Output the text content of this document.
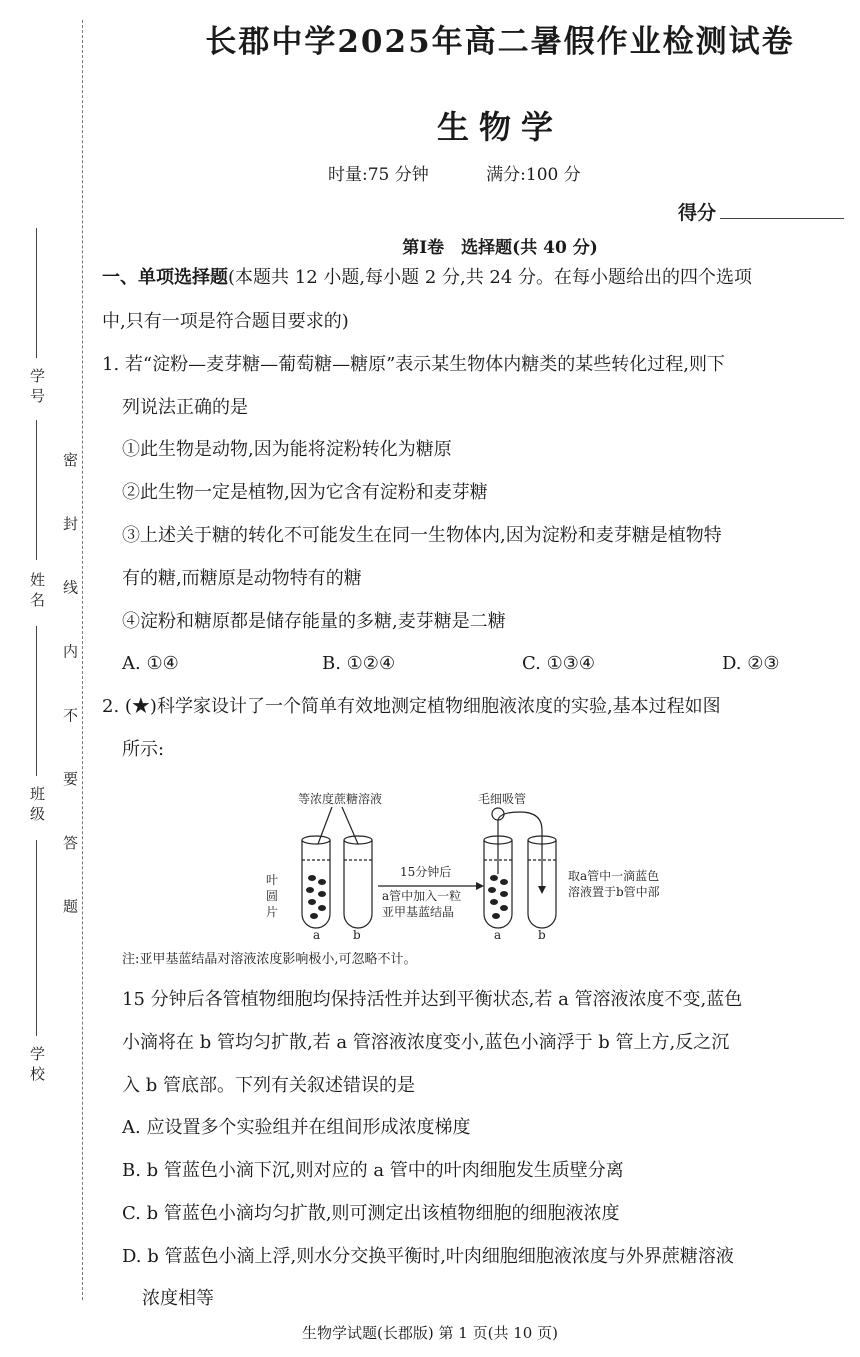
学 号
姓 名
班 级
学 校
密 封 线 内 不 要 答 题
长郡中学2025年高二暑假作业检测试卷
生物学
时量:75 分钟	满分:100 分
得分
第Ⅰ卷　选择题(共 40 分)
一、单项选择题(本题共 12 小题,每小题 2 分,共 24 分。在每小题给出的四个选项
中,只有一项是符合题目要求的)
1. 若“淀粉—麦芽糖—葡萄糖—糖原”表示某生物体内糖类的某些转化过程,则下
列说法正确的是
①此生物是动物,因为能将淀粉转化为糖原
②此生物一定是植物,因为它含有淀粉和麦芽糖
③上述关于糖的转化不可能发生在同一生物体内,因为淀粉和麦芽糖是植物特
有的糖,而糖原是动物特有的糖
④淀粉和糖原都是储存能量的多糖,麦芽糖是二糖
A. ①④	B. ①②④	C. ①③④	D. ②③
2. (★)科学家设计了一个简单有效地测定植物细胞液浓度的实验,基本过程如图
所示:
等浓度蔗糖溶液	毛细吸管
叶
圆
片
15分钟后
a管中加入一粒
亚甲基蓝结晶
取a管中一滴蓝色
溶液置于b管中部
a	b	a	b
注:亚甲基蓝结晶对溶液浓度影响极小,可忽略不计。
15 分钟后各管植物细胞均保持活性并达到平衡状态,若 a 管溶液浓度不变,蓝色
小滴将在 b 管均匀扩散,若 a 管溶液浓度变小,蓝色小滴浮于 b 管上方,反之沉
入 b 管底部。下列有关叙述错误的是
A. 应设置多个实验组并在组间形成浓度梯度
B. b 管蓝色小滴下沉,则对应的 a 管中的叶肉细胞发生质壁分离
C. b 管蓝色小滴均匀扩散,则可测定出该植物细胞的细胞液浓度
D. b 管蓝色小滴上浮,则水分交换平衡时,叶肉细胞细胞液浓度与外界蔗糖溶液
浓度相等
生物学试题(长郡版) 第 1 页(共 10 页)
